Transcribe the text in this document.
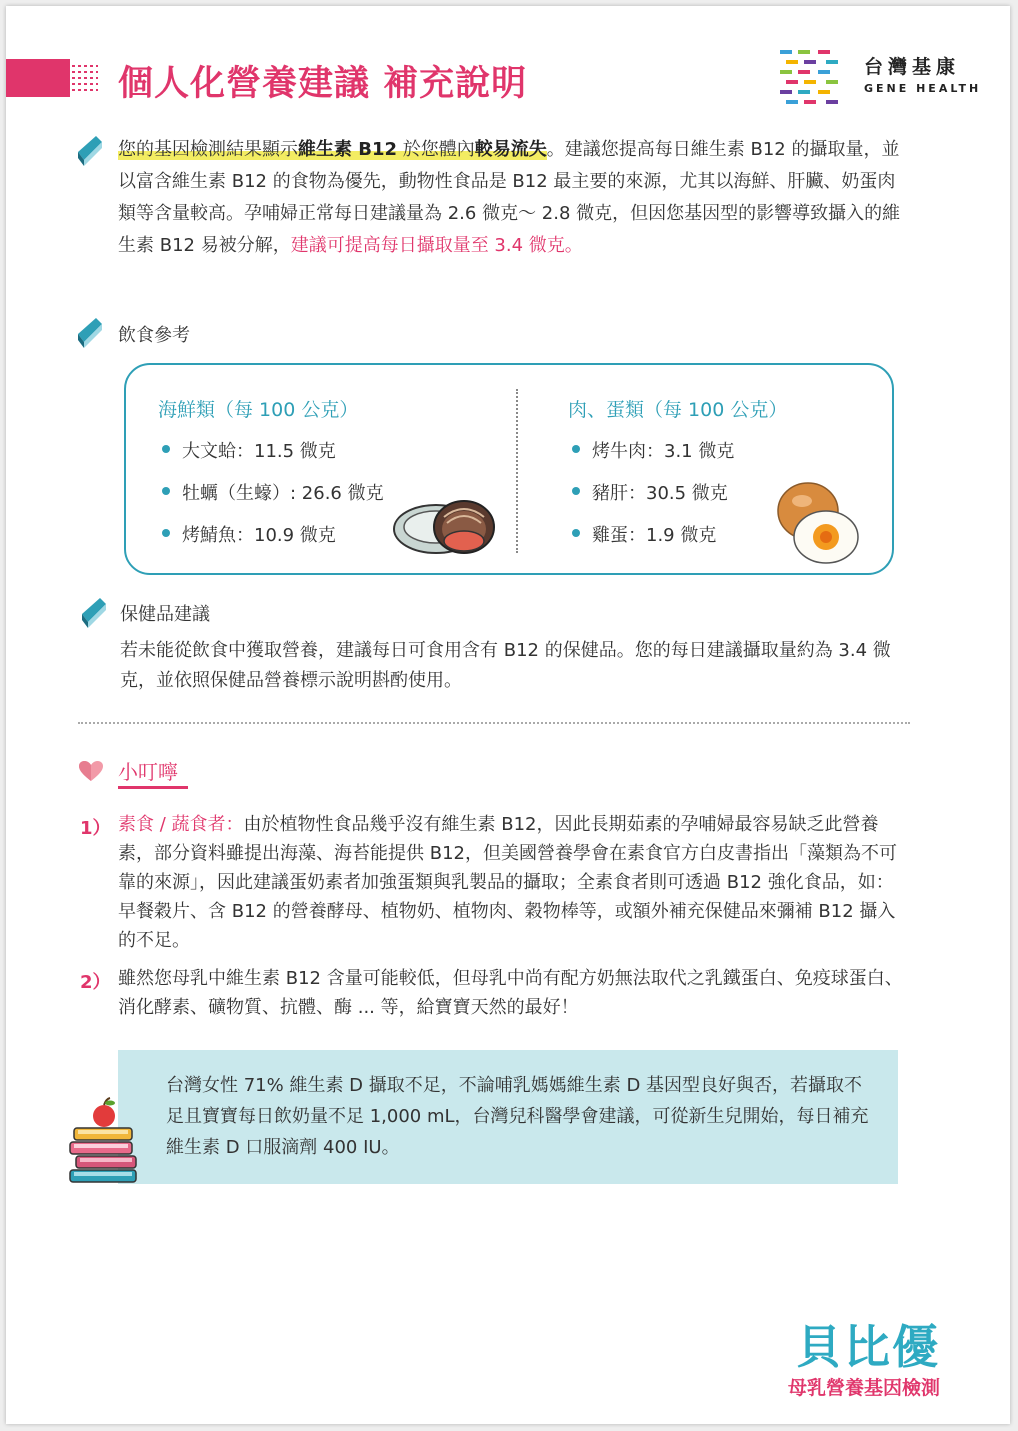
個人化營養建議 補充說明	台灣基康
GENE HEALTH
您的基因檢測結果顯示維生素 B12 於您體內較易流失。建議您提高每日維生素 B12 的攝取量，並以富含維生素 B12 的食物為優先，動物性食品是 B12 最主要的來源，尤其以海鮮、肝臟、奶蛋肉類等含量較高。孕哺婦正常每日建議量為 2.6 微克～ 2.8 微克，但因您基因型的影響導致攝入的維生素 B12 易被分解，建議可提高每日攝取量至 3.4 微克。
飲食參考
海鮮類（每 100 公克）
大文蛤：11.5 微克
牡蠣（生蠔）: 26.6 微克
烤鯖魚：10.9 微克
肉、蛋類（每 100 公克）
烤牛肉：3.1 微克
豬肝：30.5 微克
雞蛋：1.9 微克
保健品建議
若未能從飲食中獲取營養，建議每日可食用含有 B12 的保健品。您的每日建議攝取量約為 3.4 微克，並依照保健品營養標示說明斟酌使用。
小叮嚀
1） 素食 / 蔬食者：由於植物性食品幾乎沒有維生素 B12，因此長期茹素的孕哺婦最容易缺乏此營養素，部分資料雖提出海藻、海苔能提供 B12，但美國營養學會在素食官方白皮書指出「藻類為不可靠的來源」，因此建議蛋奶素者加強蛋類與乳製品的攝取；全素食者則可透過 B12 強化食品，如：早餐穀片、含 B12 的營養酵母、植物奶、植物肉、穀物棒等，或額外補充保健品來彌補 B12 攝入的不足。
2） 雖然您母乳中維生素 B12 含量可能較低，但母乳中尚有配方奶無法取代之乳鐵蛋白、免疫球蛋白、消化酵素、礦物質、抗體、酶 ... 等，給寶寶天然的最好！
台灣女性 71% 維生素 D 攝取不足，不論哺乳媽媽維生素 D 基因型良好與否，若攝取不足且寶寶每日飲奶量不足 1,000 mL，台灣兒科醫學會建議，可從新生兒開始，每日補充維生素 D 口服滴劑 400 IU。
貝比優
母乳營養基因檢測
